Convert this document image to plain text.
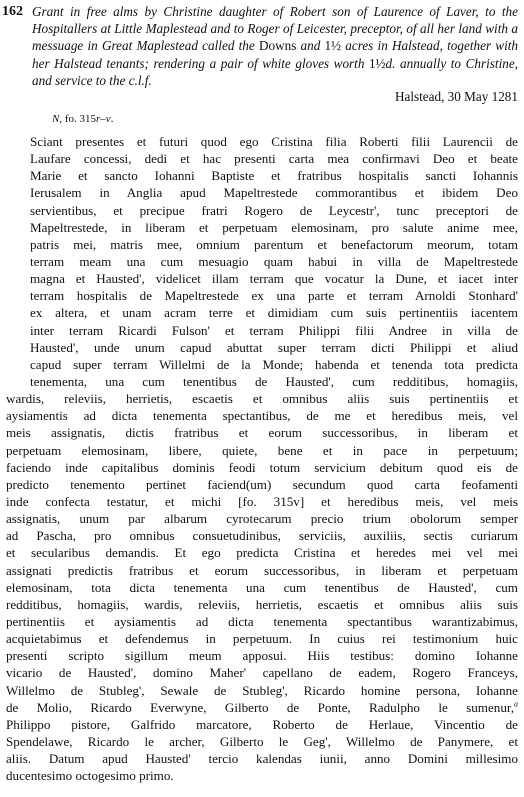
162 Grant in free alms by Christine daughter of Robert son of Laurence of Laver, to the Hospitallers at Little Maplestead and to Roger of Leicester, preceptor, of all her land with a messuage in Great Maplestead called the Downs and 1½ acres in Halstead, together with her Halstead tenants; rendering a pair of white gloves worth 1½d. annually to Christine, and service to the c.l.f.
Halstead, 30 May 1281
N, fo. 315r–v.
Sciant presentes et futuri quod ego Cristina filia Roberti filii Laurencii de
Laufare concessi, dedi et hac presenti carta mea confirmavi Deo et beate
Marie et sancto Iohanni Baptiste et fratribus hospitalis sancti Iohannis
Ierusalem in Anglia apud Mapeltrestede commorantibus et ibidem Deo
servientibus, et precipue fratri Rogero de Leycestr', tunc preceptori de
Mapeltrestede, in liberam et perpetuam elemosinam, pro salute anime mee,
patris mei, matris mee, omnium parentum et benefactorum meorum, totam
terram meam una cum mesuagio quam habui in villa de Mapeltrestede
magna et Hausted', videlicet illam terram que vocatur la Dune, et iacet inter
terram hospitalis de Mapeltrestede ex una parte et terram Arnoldi Stonhard'
ex altera, et unam acram terre et dimidiam cum suis pertinentiis iacentem
inter terram Ricardi Fulson' et terram Philippi filii Andree in villa de
Hausted', unde unum capud abuttat super terram dicti Philippi et aliud
capud super terram Willelmi de la Monde; habenda et tenenda tota predicta
tenementa, una cum tenentibus de Hausted', cum redditibus, homagiis,
wardis, releviis, herrietis, escaetis et omnibus aliis suis pertinentiis et
aysiamentis ad dicta tenementa spectantibus, de me et heredibus meis, vel
meis assignatis, dictis fratribus et eorum successoribus, in liberam et
perpetuam elemosinam, libere, quiete, bene et in pace in perpetuum;
faciendo inde capitalibus dominis feodi totum servicium debitum quod eis de
predicto tenemento pertinet faciend(um) secundum quod carta feofamenti
inde confecta testatur, et michi [fo. 315v] et heredibus meis, vel meis
assignatis, unum par albarum cyrotecarum precio trium obolorum semper
ad Pascha, pro omnibus consuetudinibus, serviciis, auxiliis, sectis curiarum
et secularibus demandis. Et ego predicta Cristina et heredes mei vel mei
assignati predictis fratribus et eorum successoribus, in liberam et perpetuam
elemosinam, tota dicta tenementa una cum tenentibus de Hausted', cum
redditibus, homagiis, wardis, releviis, herrietis, escaetis et omnibus aliis suis
pertinentiis et aysiamentis ad dicta tenementa spectantibus warantizabimus,
acquietabimus et defendemus in perpetuum. In cuius rei testimonium huic
presenti scripto sigillum meum apposui. Hiis testibus: domino Iohanne
vicario de Hausted', domino Maher' capellano de eadem, Rogero Franceys,
Willelmo de Stubleg', Sewale de Stubleg', Ricardo homine persona, Iohanne
de Molio, Ricardo Everwyne, Gilberto de Ponte, Radulpho le sumenur,$^a$
Philippo pistore, Galfrido marcatore, Roberto de Herlaue, Vincentio de
Spendelawe, Ricardo le archer, Gilberto le Geg', Willelmo de Panymere, et
aliis. Datum apud Hausted' tercio kalendas iunii, anno Domini millesimo
ducentesimo octogesimo primo.
